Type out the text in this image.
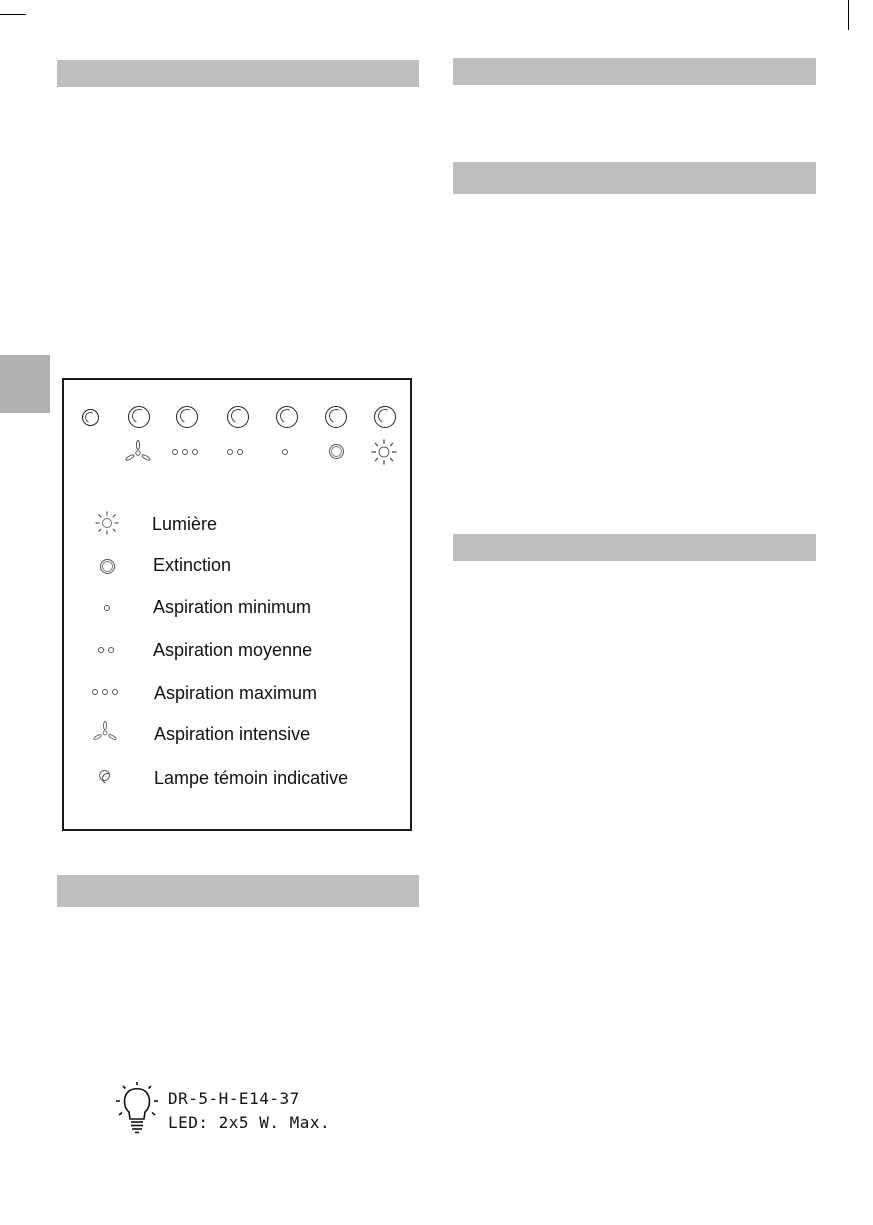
Lumière
Extinction
Aspiration minimum
Aspiration moyenne
Aspiration maximum
Aspiration intensive
Lampe témoin indicative
DR-5-H-E14-37
LED: 2x5 W. Max.
